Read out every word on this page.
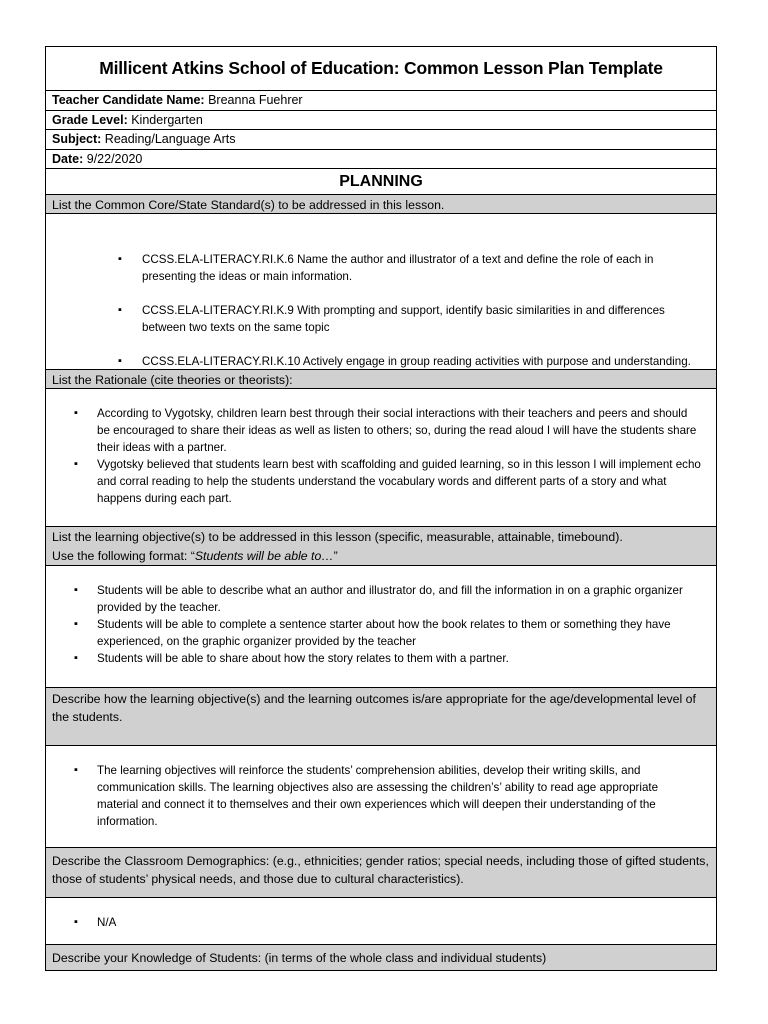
Millicent Atkins School of Education: Common Lesson Plan Template
Teacher Candidate Name: Breanna Fuehrer
Grade Level: Kindergarten
Subject: Reading/Language Arts
Date: 9/22/2020
PLANNING
List the Common Core/State Standard(s) to be addressed in this lesson.
▪ CCSS.ELA-LITERACY.RI.K.6 Name the author and illustrator of a text and define the role of each in presenting the ideas or main information.
▪ CCSS.ELA-LITERACY.RI.K.9 With prompting and support, identify basic similarities in and differences between two texts on the same topic
▪ CCSS.ELA-LITERACY.RI.K.10 Actively engage in group reading activities with purpose and understanding.
List the Rationale (cite theories or theorists):
▪ According to Vygotsky, children learn best through their social interactions with their teachers and peers and should be encouraged to share their ideas as well as listen to others; so, during the read aloud I will have the students share their ideas with a partner.
▪ Vygotsky believed that students learn best with scaffolding and guided learning, so in this lesson I will implement echo and corral reading to help the students understand the vocabulary words and different parts of a story and what happens during each part.
List the learning objective(s) to be addressed in this lesson (specific, measurable, attainable, timebound).
Use the following format: “Students will be able to…”
▪ Students will be able to describe what an author and illustrator do, and fill the information in on a graphic organizer provided by the teacher.
▪ Students will be able to complete a sentence starter about how the book relates to them or something they have experienced, on the graphic organizer provided by the teacher
▪ Students will be able to share about how the story relates to them with a partner.
Describe how the learning objective(s) and the learning outcomes is/are appropriate for the age/developmental level of the students.
▪ The learning objectives will reinforce the students’ comprehension abilities, develop their writing skills, and communication skills. The learning objectives also are assessing the children’s’ ability to read age appropriate material and connect it to themselves and their own experiences which will deepen their understanding of the information.
Describe the Classroom Demographics: (e.g., ethnicities; gender ratios; special needs, including those of gifted students, those of students’ physical needs, and those due to cultural characteristics).
▪ N/A
Describe your Knowledge of Students: (in terms of the whole class and individual students)
